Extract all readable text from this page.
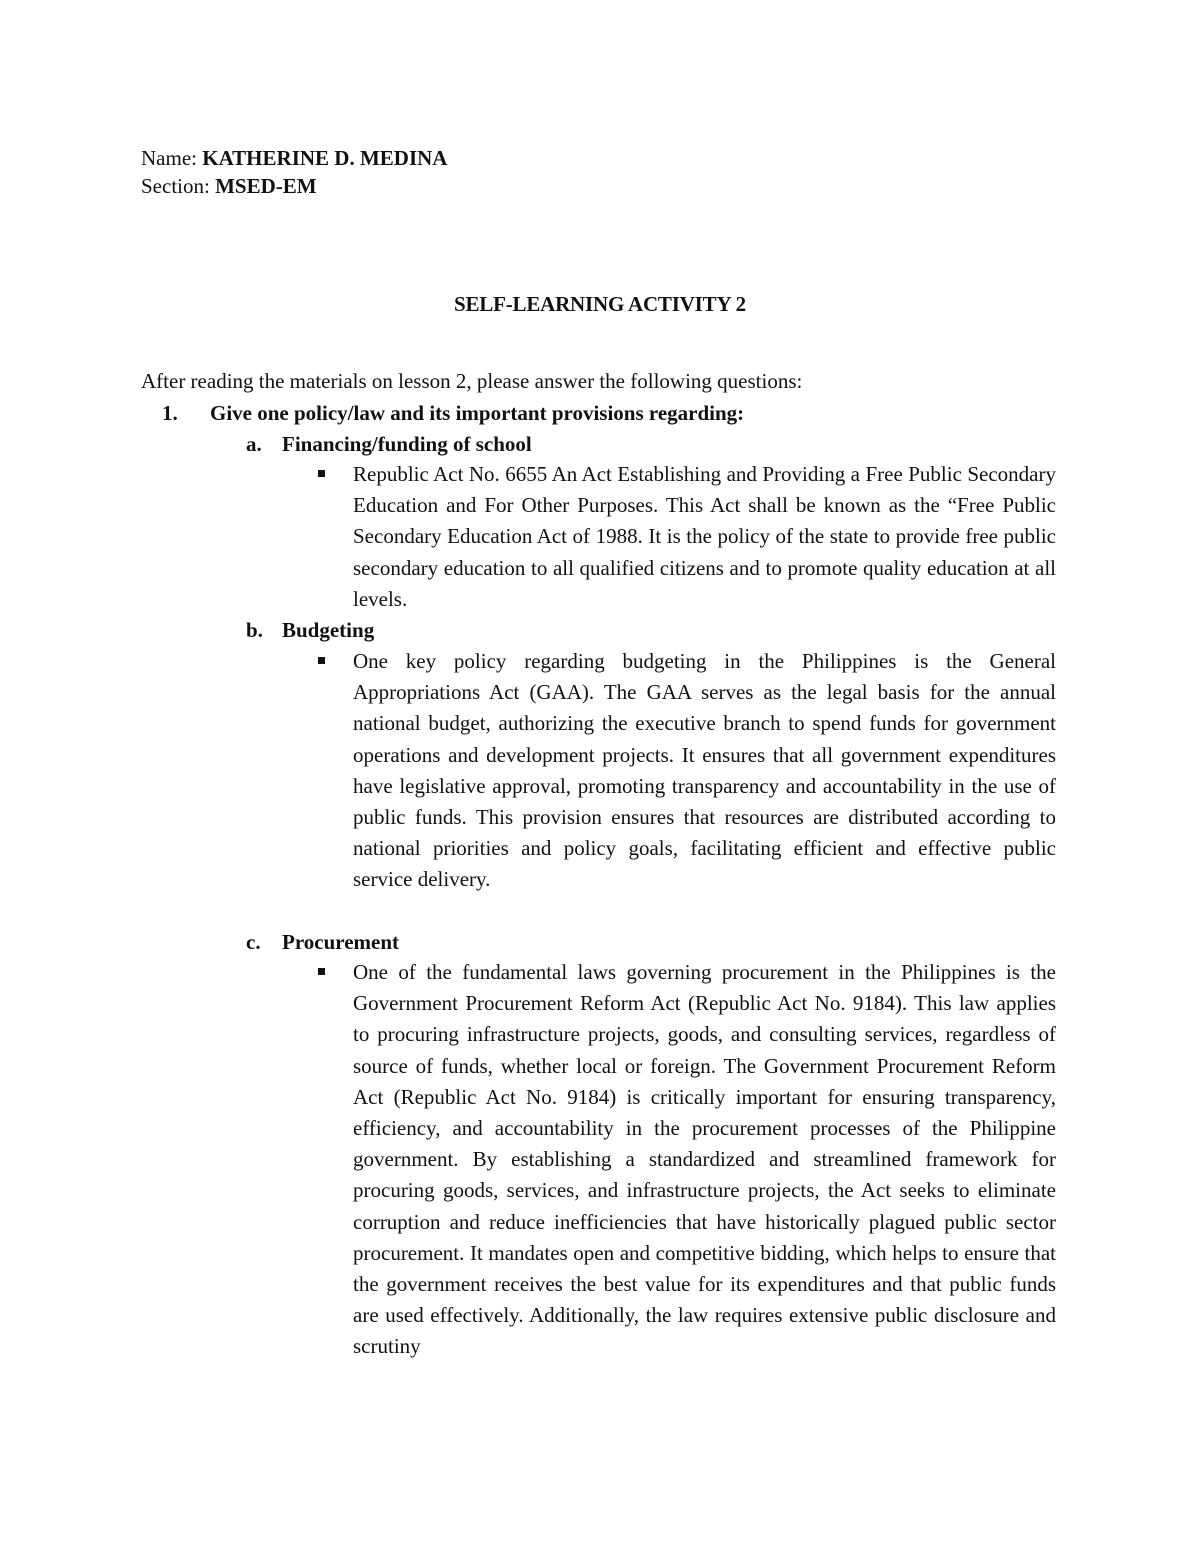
Name: KATHERINE D. MEDINA
Section: MSED-EM
SELF-LEARNING ACTIVITY 2
After reading the materials on lesson 2, please answer the following questions:
1. Give one policy/law and its important provisions regarding:
a. Financing/funding of school
Republic Act No. 6655 An Act Establishing and Providing a Free Public Secondary Education and For Other Purposes. This Act shall be known as the “Free Public Secondary Education Act of 1988. It is the policy of the state to provide free public secondary education to all qualified citizens and to promote quality education at all levels.
b. Budgeting
One key policy regarding budgeting in the Philippines is the General Appropriations Act (GAA). The GAA serves as the legal basis for the annual national budget, authorizing the executive branch to spend funds for government operations and development projects. It ensures that all government expenditures have legislative approval, promoting transparency and accountability in the use of public funds. This provision ensures that resources are distributed according to national priorities and policy goals, facilitating efficient and effective public service delivery.
c. Procurement
One of the fundamental laws governing procurement in the Philippines is the Government Procurement Reform Act (Republic Act No. 9184). This law applies to procuring infrastructure projects, goods, and consulting services, regardless of source of funds, whether local or foreign. The Government Procurement Reform Act (Republic Act No. 9184) is critically important for ensuring transparency, efficiency, and accountability in the procurement processes of the Philippine government. By establishing a standardized and streamlined framework for procuring goods, services, and infrastructure projects, the Act seeks to eliminate corruption and reduce inefficiencies that have historically plagued public sector procurement. It mandates open and competitive bidding, which helps to ensure that the government receives the best value for its expenditures and that public funds are used effectively. Additionally, the law requires extensive public disclosure and scrutiny
